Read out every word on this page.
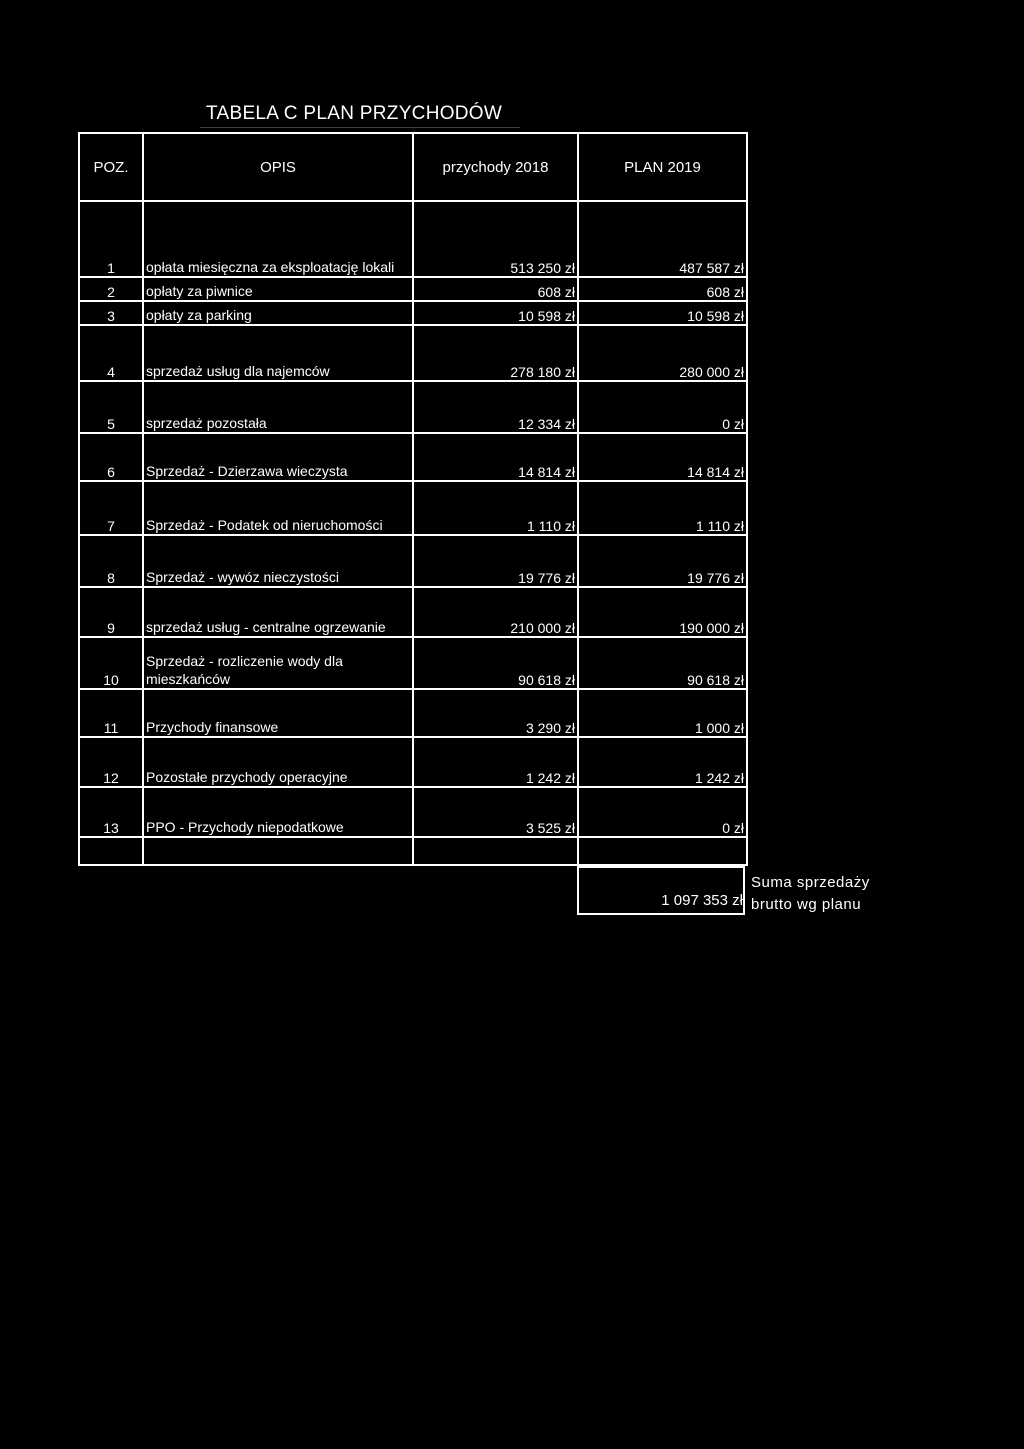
TABELA C PLAN PRZYCHODÓW
POZ.	OPIS	przychody 2018	PLAN 2019
1	opłata miesięczna za eksploatację lokali	513 250 zł	487 587 zł
2	opłaty za piwnice	608 zł	608 zł
3	opłaty za parking	10 598 zł	10 598 zł
4	sprzedaż usług dla najemców	278 180 zł	280 000 zł
5	sprzedaż pozostała	12 334 zł	0 zł
6	Sprzedaż - Dzierzawa wieczysta	14 814 zł	14 814 zł
7	Sprzedaż - Podatek od nieruchomości	1 110 zł	1 110 zł
8	Sprzedaż - wywóz nieczystości	19 776 zł	19 776 zł
9	sprzedaż usług - centralne ogrzewanie	210 000 zł	190 000 zł
10	Sprzedaż - rozliczenie wody dla mieszkańców	90 618 zł	90 618 zł
11	Przychody finansowe	3 290 zł	1 000 zł
12	Pozostałe przychody operacyjne	1 242 zł	1 242 zł
13	PPO - Przychody niepodatkowe	3 525 zł	0 zł

1 097 353 zł
Suma sprzedaży brutto wg planu
